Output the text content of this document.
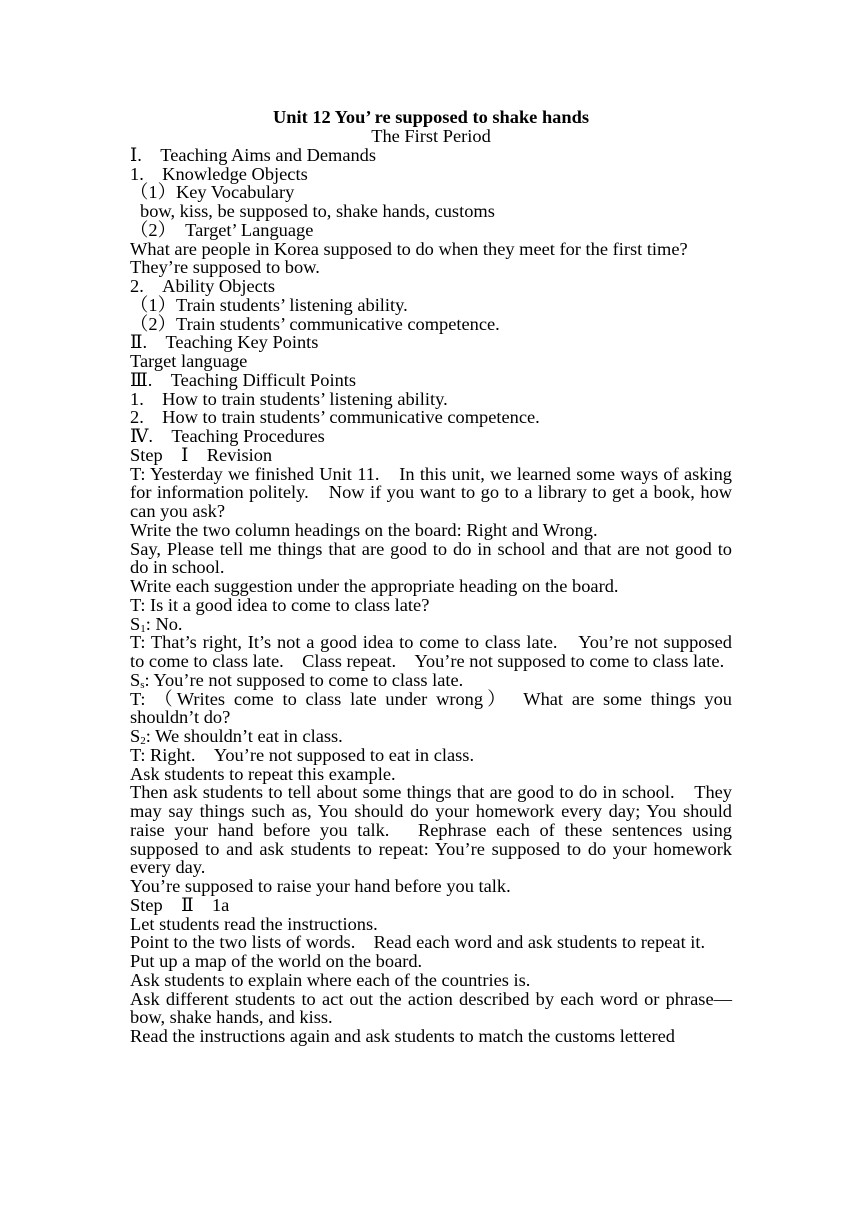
Unit 12 You’ re supposed to shake hands
The First Period

Ⅰ.　Teaching Aims and Demands

1.　Knowledge Objects

（1）Key Vocabulary

bow, kiss, be supposed to, shake hands, customs

（2）　Target’ Language

What are people in Korea supposed to do when they meet for the first time?

They’re supposed to bow.

2.　Ability Objects

（1）Train students’ listening ability.

（2）Train students’ communicative competence.

Ⅱ.　Teaching Key Points

Target language

Ⅲ.　Teaching Difficult Points

1.　How to train students’ listening ability.

2.　How to train students’ communicative competence.

Ⅳ.　Teaching Procedures

Step　Ⅰ　Revision

T: Yesterday we finished Unit 11.　In this unit, we learned some ways of asking for information politely.　Now if you want to go to a library to get a book, how can you ask?

Write the two column headings on the board: Right and Wrong.

Say, Please tell me things that are good to do in school and that are not good to do in school.

Write each suggestion under the appropriate heading on the board.

T: Is it a good idea to come to class late?

$S_1$: No.

T: That’s right, It’s not a good idea to come to class late.　You’re not supposed to come to class late.　Class repeat.　You’re not supposed to come to class late.

$S_s$: You’re not supposed to come to class late.

T: （Writes come to class late under wrong）　What are some things you shouldn’t do?

$S_2$: We shouldn’t eat in class.

T: Right.　You’re not supposed to eat in class.

Ask students to repeat this example.

Then ask students to tell about some things that are good to do in school.　They may say things such as, You should do your homework every day; You should raise your hand before you talk.　Rephrase each of these sentences using supposed to and ask students to repeat: You’re supposed to do your homework every day.

You’re supposed to raise your hand before you talk.

Step　Ⅱ　1a

Let students read the instructions.

Point to the two lists of words.　Read each word and ask students to repeat it.

Put up a map of the world on the board.

Ask students to explain where each of the countries is.

Ask different students to act out the action described by each word or phrase—bow, shake hands, and kiss.

Read the instructions again and ask students to match the customs lettered
